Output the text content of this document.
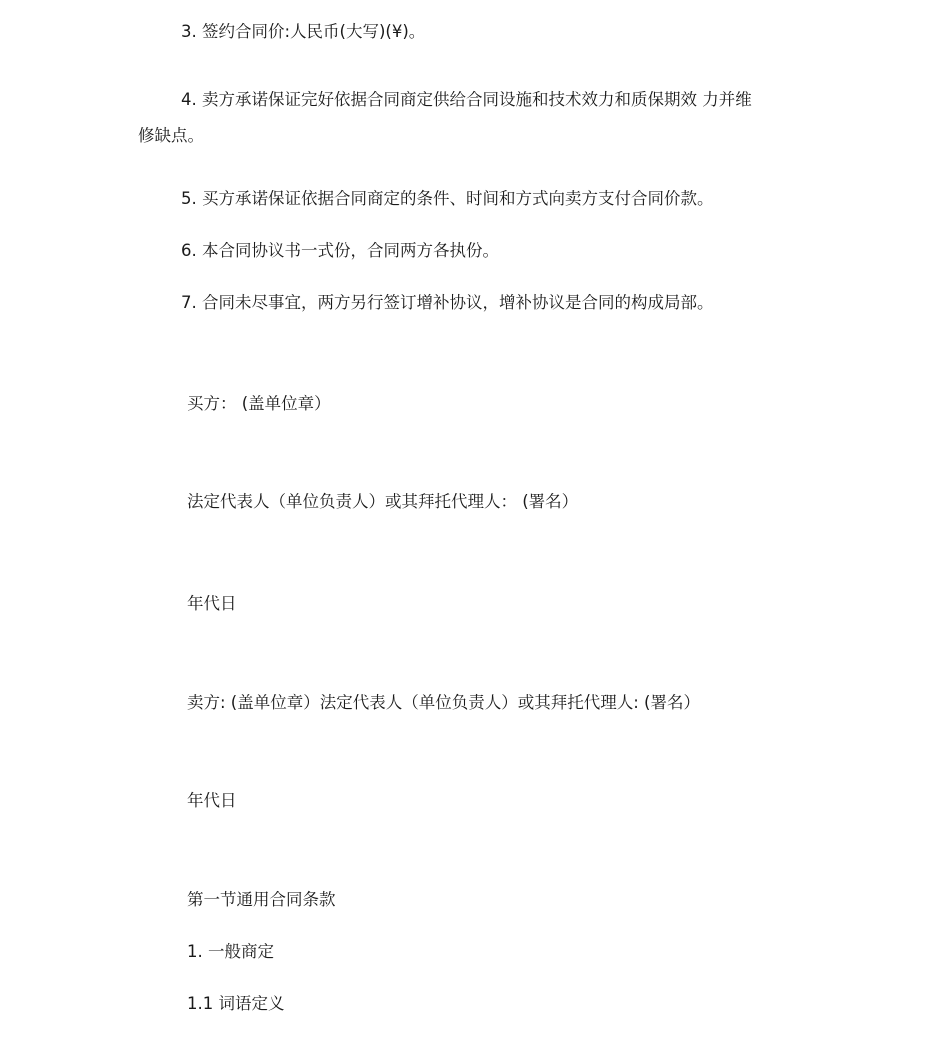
3. 签约合同价:人民币(大写)(¥)。
4. 卖方承诺保证完好依据合同商定供给合同设施和技术效力和质保期效 力并维
修缺点。
5. 买方承诺保证依据合同商定的条件、时间和方式向卖方支付合同价款。
6. 本合同协议书一式份，合同两方各执份。
7. 合同未尽事宜，两方另行签订增补协议，增补协议是合同的构成局部。
买方： (盖单位章）
法定代表人（单位负责人）或其拜托代理人： (署名）
年代日
卖方: (盖单位章）法定代表人（单位负责人）或其拜托代理人: (署名）
年代日
第一节通用合同条款
1. 一般商定
1.1 词语定义
